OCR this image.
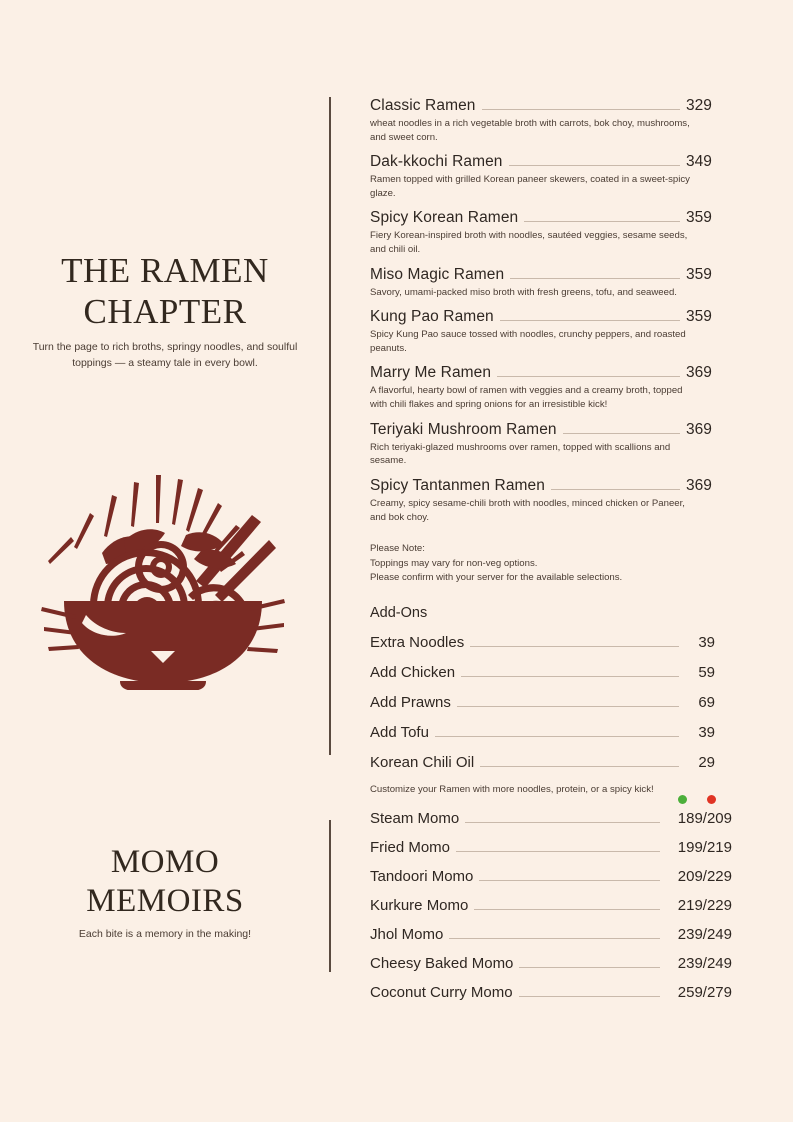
THE RAMEN
CHAPTER
Turn the page to rich broths, springy noodles, and soulful toppings — a steamy tale in every bowl.
MOMO
MEMOIRS
Each bite is a memory in the making!
Classic Ramen	329
wheat noodles in a rich vegetable broth with carrots, bok choy, mushrooms, and sweet corn.
Dak-kkochi Ramen	349
Ramen topped with grilled Korean paneer skewers, coated in a sweet-spicy glaze.
Spicy Korean Ramen	359
Fiery Korean-inspired broth with noodles, sautéed veggies, sesame seeds, and chili oil.
Miso Magic Ramen	359
Savory, umami-packed miso broth with fresh greens, tofu, and seaweed.
Kung Pao Ramen	359
Spicy Kung Pao sauce tossed with noodles, crunchy peppers, and roasted peanuts.
Marry Me Ramen	369
A flavorful, hearty bowl of ramen with veggies and a creamy broth, topped with chili flakes and spring onions for an irresistible kick!
Teriyaki Mushroom Ramen	369
Rich teriyaki-glazed mushrooms over ramen, topped with scallions and sesame.
Spicy Tantanmen Ramen	369
Creamy, spicy sesame-chili broth with noodles, minced chicken or Paneer, and bok choy.
Please Note:
Toppings may vary for non-veg options.
Please confirm with your server for the available selections.
Add-Ons
Extra Noodles	39
Add Chicken	59
Add Prawns	69
Add Tofu	39
Korean Chili Oil	29
Customize your Ramen with more noodles, protein, or a spicy kick!
Steam Momo	189/209
Fried Momo	199/219
Tandoori Momo	209/229
Kurkure Momo	219/229
Jhol Momo	239/249
Cheesy Baked Momo	239/249
Coconut Curry Momo	259/279
